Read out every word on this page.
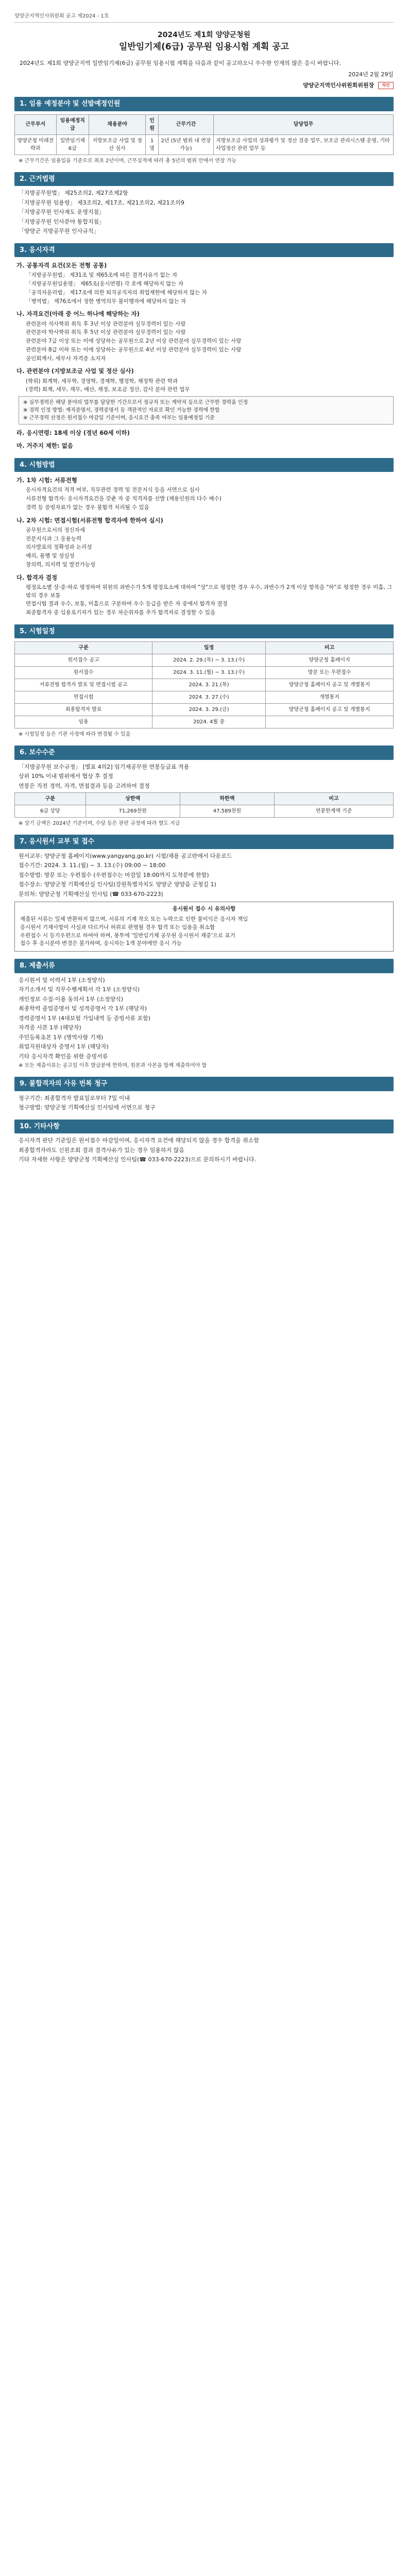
양양군지역인사위원회 공고 제2024 - 1호
2024년도 제1회 양양군청원
일반임기제(6급) 공무원 임용시험 계획 공고

2024년도 제1회 양양군지역 일반임기제(6급) 공무원 임용시험 계획을 다음과 같이 공고하오니 우수한 인재의 많은 응시 바랍니다.

2024년 2월 29일
양양군지역인사위원회위원장 직인
1. 임용 예정분야 및 선발예정인원
근무부서	임용예정직급	채용분야	인원	근무기간	담당업무
양양군청 미래전략과	일반임기제 6급	지방보조금 사업 및 정산 심사	1명	2년 (5년 범위 내 연장 가능)	지방보조금 사업의 성과평가 및 정산 검증 업무, 보조금 관리시스템 운영, 기타 사업정산 관련 업무 등

※ 근무기간은 임용일을 기준으로 최초 2년이며, 근무실적에 따라 총 5년의 범위 안에서 연장 가능

2. 근거법령

「지방공무원법」 제25조의2, 제27조제2항

「지방공무원 임용령」 제3조의2, 제17조, 제21조의2, 제21조의9

「지방공무원 인사제도 운영지침」

「지방공무원 인사분야 통합지침」

「양양군 지방공무원 인사규칙」

3. 응시자격

가. 공통자격 요건(모든 전형 공통)

「지방공무원법」 제31조 및 제65조에 따른 결격사유가 없는 자

「지방공무원임용령」 제65조(응시연령) 각 호에 해당하지 않는 자

「공직자윤리법」 제17조에 의한 퇴직공직자의 취업제한에 해당하지 않는 자

「병역법」 제76조에서 정한 병역의무 불이행자에 해당하지 않는 자

나. 자격요건(아래 중 어느 하나에 해당하는 자)

관련분야 석사학위 취득 후 3년 이상 관련분야 실무경력이 있는 사람

관련분야 학사학위 취득 후 5년 이상 관련분야 실무경력이 있는 사람

관련분야 7급 이상 또는 이에 상당하는 공무원으로 2년 이상 관련분야 실무경력이 있는 사람

관련분야 8급 이하 또는 이에 상당하는 공무원으로 4년 이상 관련분야 실무경력이 있는 사람

공인회계사, 세무사 자격증 소지자

다. 관련분야 (지방보조금 사업 및 정산 심사)

(학위) 회계학, 세무학, 경영학, 경제학, 행정학, 재정학 관련 학과

(경력) 회계, 세무, 재무, 예산, 재정, 보조금 정산, 감사 분야 관련 업무

※ 실무경력은 해당 분야의 업무를 담당한 기간으로서 정규직 또는 계약직 등으로 근무한 경력을 인정

※ 경력 인정 방법: 재직증명서, 경력증명서 등 객관적인 자료로 확인 가능한 경력에 한함

※ 근무경력 산정은 원서접수 마감일 기준이며, 응시요건 충족 여부는 임용예정일 기준

라. 응시연령: 18세 이상 (정년 60세 이하)

마. 거주지 제한: 없음

4. 시험방법

가. 1차 시험: 서류전형

응시자격요건의 적격 여부, 직무관련 경력 및 전문지식 등을 서면으로 심사

서류전형 합격자: 응시자격요건을 갖춘 자 중 적격자를 선발 (채용인원의 다수 배수)

경력 등 증빙자료가 없는 경우 불합격 처리될 수 있음

나. 2차 시험: 면접시험(서류전형 합격자에 한하여 실시)

공무원으로서의 정신자세

전문지식과 그 응용능력

의사발표의 정확성과 논리성

예의, 품행 및 성실성

창의력, 의지력 및 발전가능성

다. 합격자 결정

평정요소별 상·중·하로 평정하여 위원의 과반수가 5개 평정요소에 대하여 "상"으로 평정한 경우 우수, 과반수가 2개 이상 항목을 "하"로 평정한 경우 미흡, 그 밖의 경우 보통

면접시험 결과 우수, 보통, 미흡으로 구분하여 우수 등급을 받은 자 중에서 합격자 결정

최종합격자 중 임용포기자가 있는 경우 차순위자를 추가 합격자로 결정할 수 있음

5. 시험일정
구분	일정	비고
원서접수 공고	2024. 2. 29.(목) ~ 3. 13.(수)	양양군청 홈페이지
원서접수	2024. 3. 11.(월) ~ 3. 13.(수)	방문 또는 우편접수
서류전형 합격자 발표 및 면접시험 공고	2024. 3. 21.(목)	양양군청 홈페이지 공고 및 개별통지
면접시험	2024. 3. 27.(수)	개별통지
최종합격자 발표	2024. 3. 29.(금)	양양군청 홈페이지 공고 및 개별통지
임용	2024. 4월 중	

※ 시험일정 등은 기관 사정에 따라 변경될 수 있음

6. 보수수준

「지방공무원 보수규정」 [별표 4의2] 임기제공무원 연봉등급표 적용

상위 10% 이내 범위에서 협상 후 결정

연봉은 직전 경력, 자격, 면접결과 등을 고려하여 결정

구분	상한액	하한액	비고
6급 상당	71,269천원	47,589천원	연봉한계액 기준

※ 상기 금액은 2024년 기준이며, 수당 등은 관련 규정에 따라 별도 지급

7. 응시원서 교부 및 접수

원서교부: 양양군청 홈페이지(www.yangyang.go.kr) 시험/채용 공고란에서 다운로드

접수기간: 2024. 3. 11.(월) ~ 3. 13.(수) 09:00 ~ 18:00

접수방법: 방문 또는 우편접수 (우편접수는 마감일 18:00까지 도착분에 한함)

접수장소: 양양군청 기획예산실 인사팀(강원특별자치도 양양군 양양읍 군청길 1)

문의처: 양양군청 기획예산실 인사팀 (☎ 033-670-2223)

응시원서 접수 시 유의사항

제출된 서류는 일체 반환하지 않으며, 서류의 기재 착오 또는 누락으로 인한 불이익은 응시자 책임

응시원서 기재사항이 사실과 다르거나 허위로 판명될 경우 합격 또는 임용을 취소함

우편접수 시 등기우편으로 하여야 하며, 봉투에 '일반임기제 공무원 응시원서 재중'으로 표기

접수 후 응시분야 변경은 불가하며, 응시자는 1개 분야에만 응시 가능

8. 제출서류

응시원서 및 이력서 1부 (소정양식)

자기소개서 및 직무수행계획서 각 1부 (소정양식)

개인정보 수집·이용 동의서 1부 (소정양식)

최종학력 졸업증명서 및 성적증명서 각 1부 (해당자)

경력증명서 1부 (4대보험 가입내역 등 증빙서류 포함)

자격증 사본 1부 (해당자)

주민등록초본 1부 (병역사항 기재)

취업지원대상자 증명서 1부 (해당자)

기타 응시자격 확인을 위한 증빙서류

※ 모든 제출서류는 공고일 이후 발급분에 한하며, 원본과 사본을 함께 제출하여야 함

9. 불합격자의 사유 번복 청구

청구기간: 최종합격자 발표일로부터 7일 이내

청구방법: 양양군청 기획예산실 인사팀에 서면으로 청구

10. 기타사항

응시자격 판단 기준일은 원서접수 마감일이며, 응시자격 요건에 해당되지 않을 경우 합격을 취소함

최종합격자라도 신원조회 결과 결격사유가 있는 경우 임용하지 않음

기타 자세한 사항은 양양군청 기획예산실 인사팀(☎ 033-670-2223)으로 문의하시기 바랍니다.
